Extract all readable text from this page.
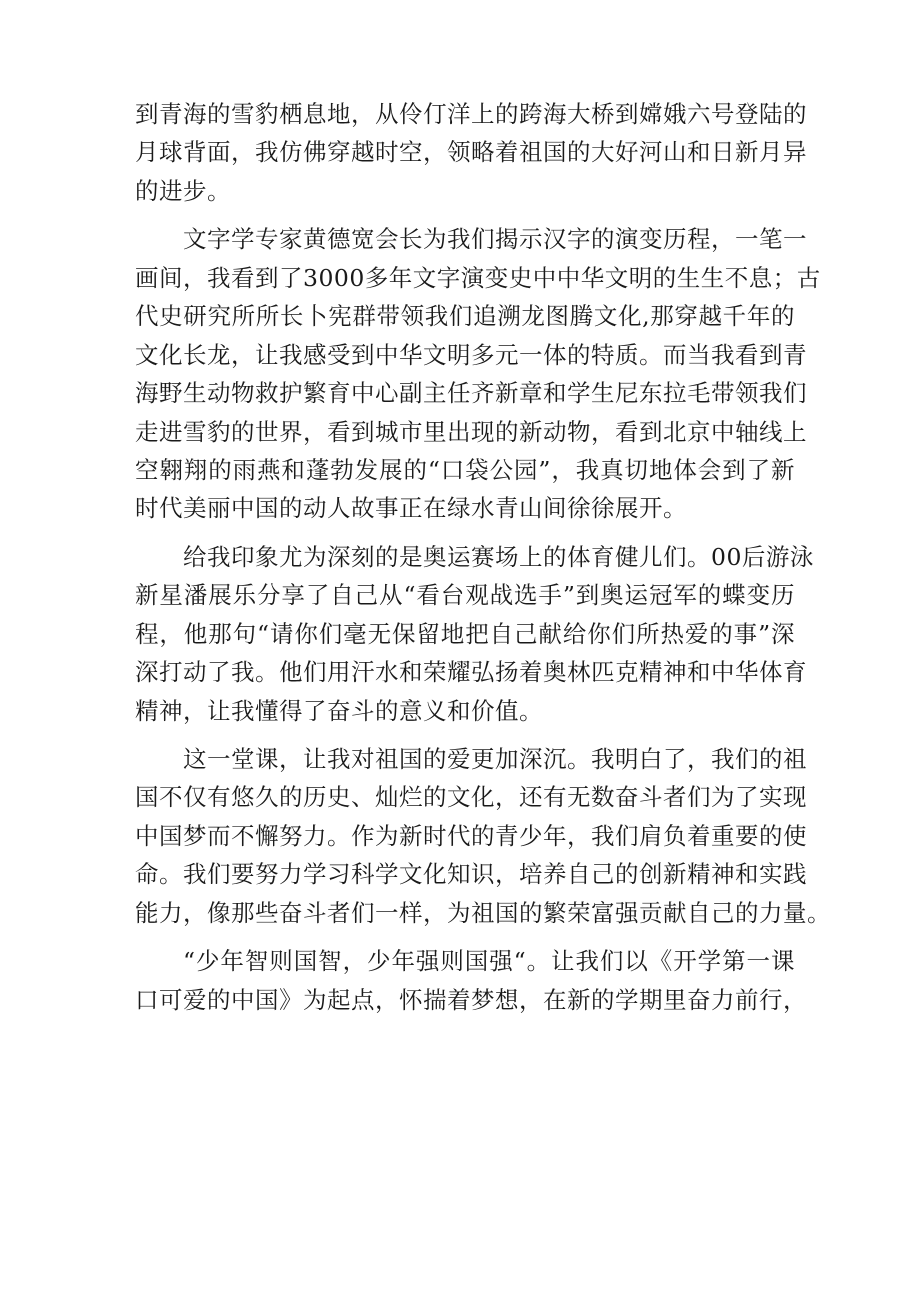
到青海的雪豹栖息地，从伶仃洋上的跨海大桥到嫦娥六号登陆的
月球背面，我仿佛穿越时空，领略着祖国的大好河山和日新月异
的进步。
文字学专家黄德宽会长为我们揭示汉字的演变历程，一笔一
画间，我看到了3000多年文字演变史中中华文明的生生不息；古
代史研究所所长卜宪群带领我们追溯龙图腾文化,那穿越千年的
文化长龙，让我感受到中华文明多元一体的特质。而当我看到青
海野生动物救护繁育中心副主任齐新章和学生尼东拉毛带领我们
走进雪豹的世界，看到城市里出现的新动物，看到北京中轴线上
空翱翔的雨燕和蓬勃发展的“口袋公园”，我真切地体会到了新
时代美丽中国的动人故事正在绿水青山间徐徐展开。
给我印象尤为深刻的是奥运赛场上的体育健儿们。00后游泳
新星潘展乐分享了自己从“看台观战选手”到奥运冠军的蝶变历
程，他那句“请你们毫无保留地把自己献给你们所热爱的事”深
深打动了我。他们用汗水和荣耀弘扬着奥林匹克精神和中华体育
精神，让我懂得了奋斗的意义和价值。
这一堂课，让我对祖国的爱更加深沉。我明白了，我们的祖
国不仅有悠久的历史、灿烂的文化，还有无数奋斗者们为了实现
中国梦而不懈努力。作为新时代的青少年，我们肩负着重要的使
命。我们要努力学习科学文化知识，培养自己的创新精神和实践
能力，像那些奋斗者们一样，为祖国的繁荣富强贡献自己的力量。
“少年智则国智，少年强则国强“。让我们以《开学第一课
口可爱的中国》为起点，怀揣着梦想，在新的学期里奋力前行，
